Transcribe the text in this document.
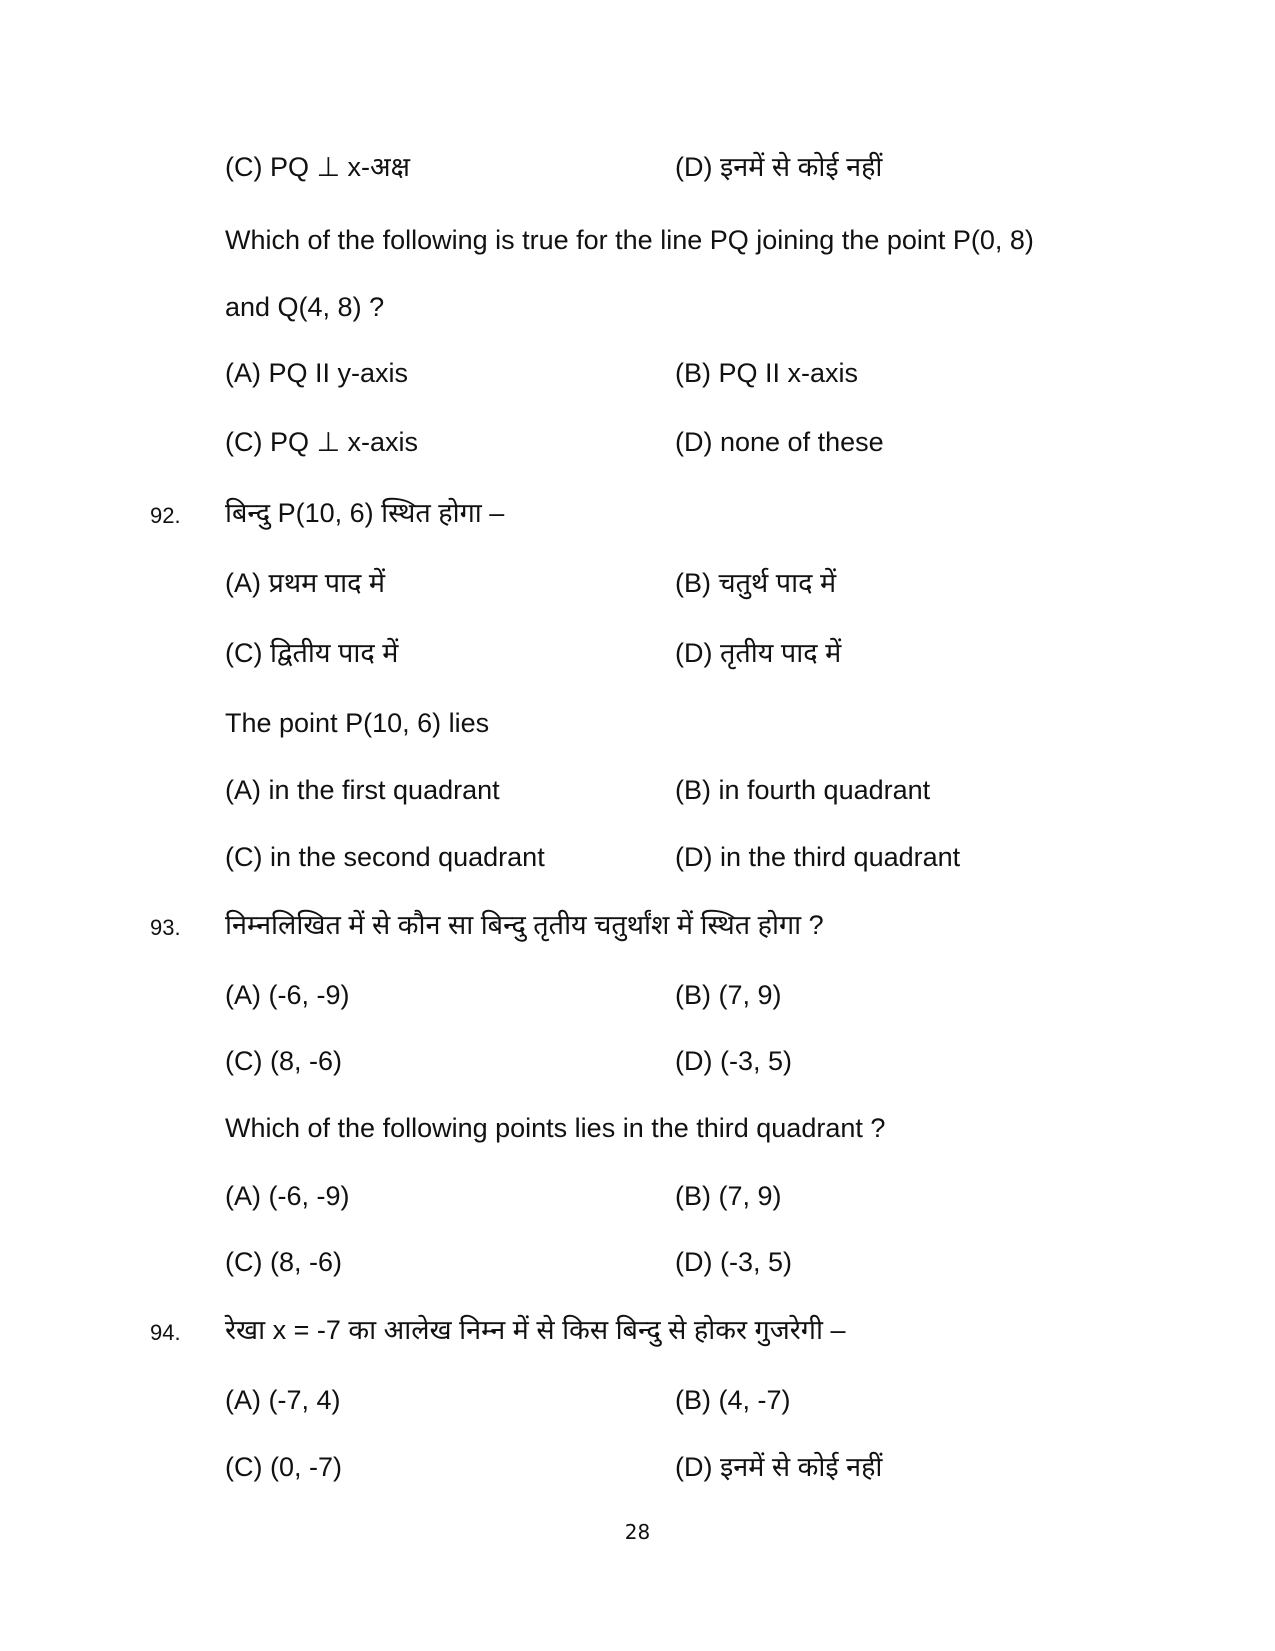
(C) PQ ⊥ x-अक्ष	(D) इनमें से कोई नहीं
Which of the following is true for the line PQ joining the point P(0, 8)
and Q(4, 8) ?
(A) PQ II y-axis	(B) PQ II x-axis
(C) PQ ⊥ x-axis	(D) none of these
92. बिन्दु P(10, 6) स्थित होगा –
(A) प्रथम पाद में	(B) चतुर्थ पाद में
(C) द्वितीय पाद में	(D) तृतीय पाद में
The point P(10, 6) lies
(A) in the first quadrant	(B) in fourth quadrant
(C) in the second quadrant	(D) in the third quadrant
93. निम्नलिखित में से कौन सा बिन्दु तृतीय चतुर्थांश में स्थित होगा ?
(A) (-6, -9)	(B) (7, 9)
(C) (8, -6)	(D) (-3, 5)
Which of the following points lies in the third quadrant ?
(A) (-6, -9)	(B) (7, 9)
(C) (8, -6)	(D) (-3, 5)
94. रेखा x = -7 का आलेख निम्न में से किस बिन्दु से होकर गुजरेगी –
(A) (-7, 4)	(B) (4, -7)
(C) (0, -7)	(D) इनमें से कोई नहीं
28
